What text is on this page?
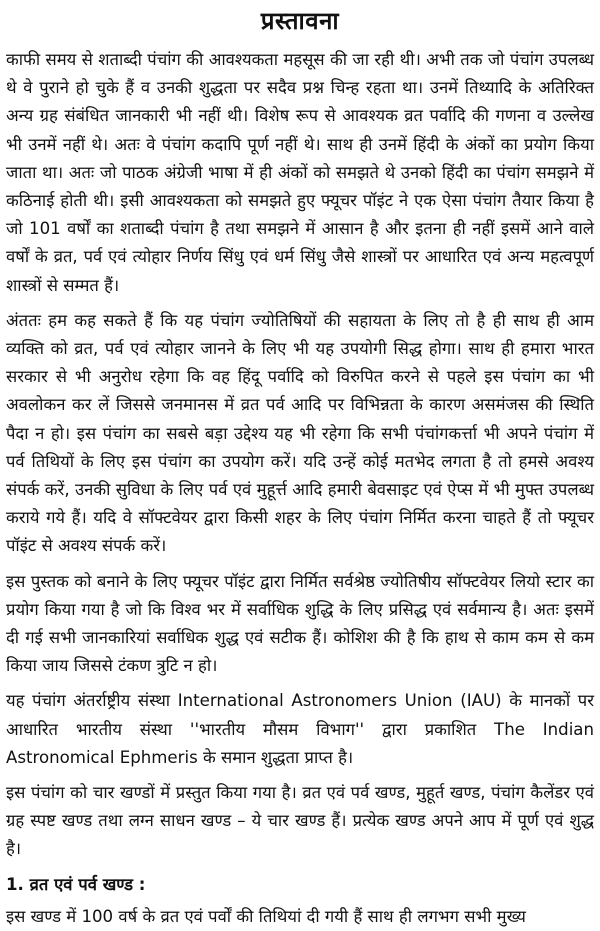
प्रस्तावना

काफी समय से शताब्दी पंचांग की आवश्यकता महसूस की जा रही थी। अभी तक जो पंचांग उपलब्ध थे वे पुराने हो चुके हैं व उनकी शुद्धता पर सदैव प्रश्न चिन्ह रहता था। उनमें तिथ्यादि के अतिरिक्त अन्य ग्रह संबंधित जानकारी भी नहीं थी। विशेष रूप से आवश्यक व्रत पर्वादि की गणना व उल्लेख भी उनमें नहीं थे। अतः वे पंचांग कदापि पूर्ण नहीं थे। साथ ही उनमें हिंदी के अंकों का प्रयोग किया जाता था। अतः जो पाठक अंग्रेजी भाषा में ही अंकों को समझते थे उनको हिंदी का पंचांग समझने में कठिनाई होती थी। इसी आवश्यकता को समझते हुए फ्यूचर पॉइंट ने एक ऐसा पंचांग तैयार किया है जो 101 वर्षों का शताब्दी पंचांग है तथा समझने में आसान है और इतना ही नहीं इसमें आने वाले वर्षों के व्रत, पर्व एवं त्योहार निर्णय सिंधु एवं धर्म सिंधु जैसे शास्त्रों पर आधारित एवं अन्य महत्वपूर्ण शास्त्रों से सम्मत हैं।

अंततः हम कह सकते हैं कि यह पंचांग ज्योतिषियों की सहायता के लिए तो है ही साथ ही आम व्यक्ति को व्रत, पर्व एवं त्योहार जानने के लिए भी यह उपयोगी सिद्ध होगा। साथ ही हमारा भारत सरकार से भी अनुरोध रहेगा कि वह हिंदू पर्वादि को विरुपित करने से पहले इस पंचांग का भी अवलोकन कर लें जिससे जनमानस में व्रत पर्व आदि पर विभिन्नता के कारण असमंजस की स्थिति पैदा न हो। इस पंचांग का सबसे बड़ा उद्देश्य यह भी रहेगा कि सभी पंचांगकर्त्ता भी अपने पंचांग में पर्व तिथियों के लिए इस पंचांग का उपयोग करें। यदि उन्हें कोई मतभेद लगता है तो हमसे अवश्य संपर्क करें, उनकी सुविधा के लिए पर्व एवं मुहूर्त्त आदि हमारी बेवसाइट एवं ऐप्स में भी मुफ्त उपलब्ध कराये गये हैं। यदि वे सॉफ्टवेयर द्वारा किसी शहर के लिए पंचांग निर्मित करना चाहते हैं तो फ्यूचर पॉइंट से अवश्य संपर्क करें।

इस पुस्तक को बनाने के लिए फ्यूचर पॉइंट द्वारा निर्मित सर्वश्रेष्ठ ज्योतिषीय सॉफ्टवेयर लियो स्टार का प्रयोग किया गया है जो कि विश्व भर में सर्वाधिक शुद्धि के लिए प्रसिद्ध एवं सर्वमान्य है। अतः इसमें दी गई सभी जानकारियां सर्वाधिक शुद्ध एवं सटीक हैं। कोशिश की है कि हाथ से काम कम से कम किया जाय जिससे टंकण त्रुटि न हो।

यह पंचांग अंतर्राष्ट्रीय संस्था International Astronomers Union (IAU) के मानकों पर आधारित भारतीय संस्था ''भारतीय मौसम विभाग'' द्वारा प्रकाशित The Indian Astronomical Ephmeris के समान शुद्धता प्राप्त है।

इस पंचांग को चार खण्डों में प्रस्तुत किया गया है। व्रत एवं पर्व खण्ड, मुहूर्त खण्ड, पंचांग कैलेंडर एवं ग्रह स्पष्ट खण्ड तथा लग्न साधन खण्ड – ये चार खण्ड हैं। प्रत्येक खण्ड अपने आप में पूर्ण एवं शुद्ध है।

1. व्रत एवं पर्व खण्ड :

इस खण्ड में 100 वर्ष के व्रत एवं पर्वों की तिथियां दी गयी हैं साथ ही लगभग सभी मुख्य
